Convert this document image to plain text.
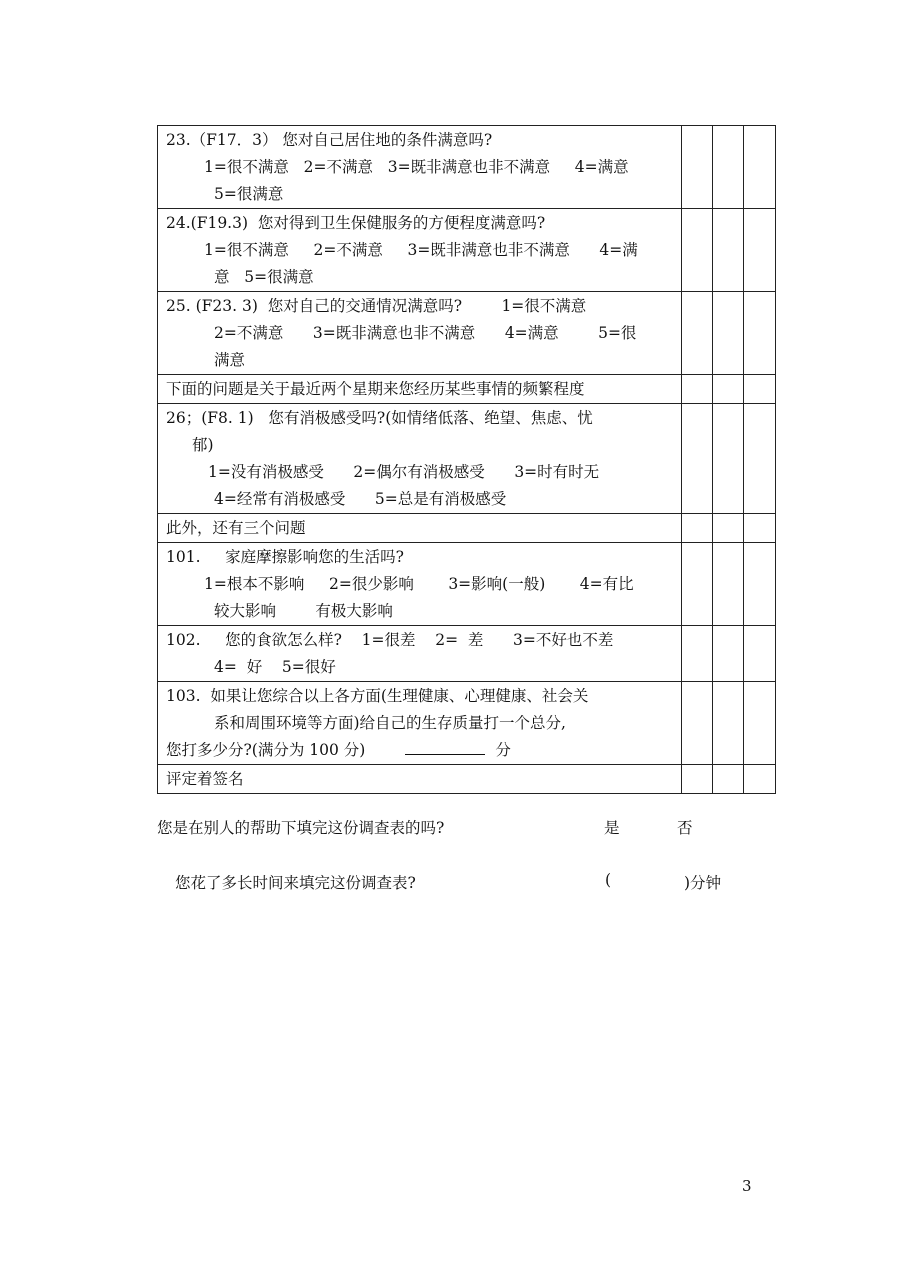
23.（F17．3） 您对自己居住地的条件满意吗?
1=很不满意   2=不满意   3=既非满意也非不满意     4=满意
5=很满意			

24.(F19.3)  您对得到卫生保健服务的方便程度满意吗?
1=很不满意     2=不满意     3=既非满意也非不满意      4=满
意   5=很满意			

25. (F23. 3)  您对自己的交通情况满意吗?        1=很不满意
2=不满意      3=既非满意也非不满意      4=满意        5=很
满意			

下面的问题是关于最近两个星期来您经历某些事情的频繁程度			

26；(F8. 1)   您有消极感受吗?(如情绪低落、绝望、焦虑、忧
郁)
1=没有消极感受      2=偶尔有消极感受      3=时有时无
4=经常有消极感受      5=总是有消极感受			

此外，还有三个问题			

101.     家庭摩擦影响您的生活吗?
1=根本不影响     2=很少影响       3=影响(一般)       4=有比
较大影响        有极大影响			

102.     您的食欲怎么样?    1=很差    2=  差      3=不好也不差
4=  好    5=很好			

103.  如果让您综合以上各方面(生理健康、心理健康、社会关
系和周围环境等方面)给自己的生存质量打一个总分,
您打多少分?(满分为 100 分) 分			

评定着签名			

您是在别人的帮助下填完这份调查表的吗?	是	否
您花了多长时间来填完这份调查表?	(	)分钟
3
